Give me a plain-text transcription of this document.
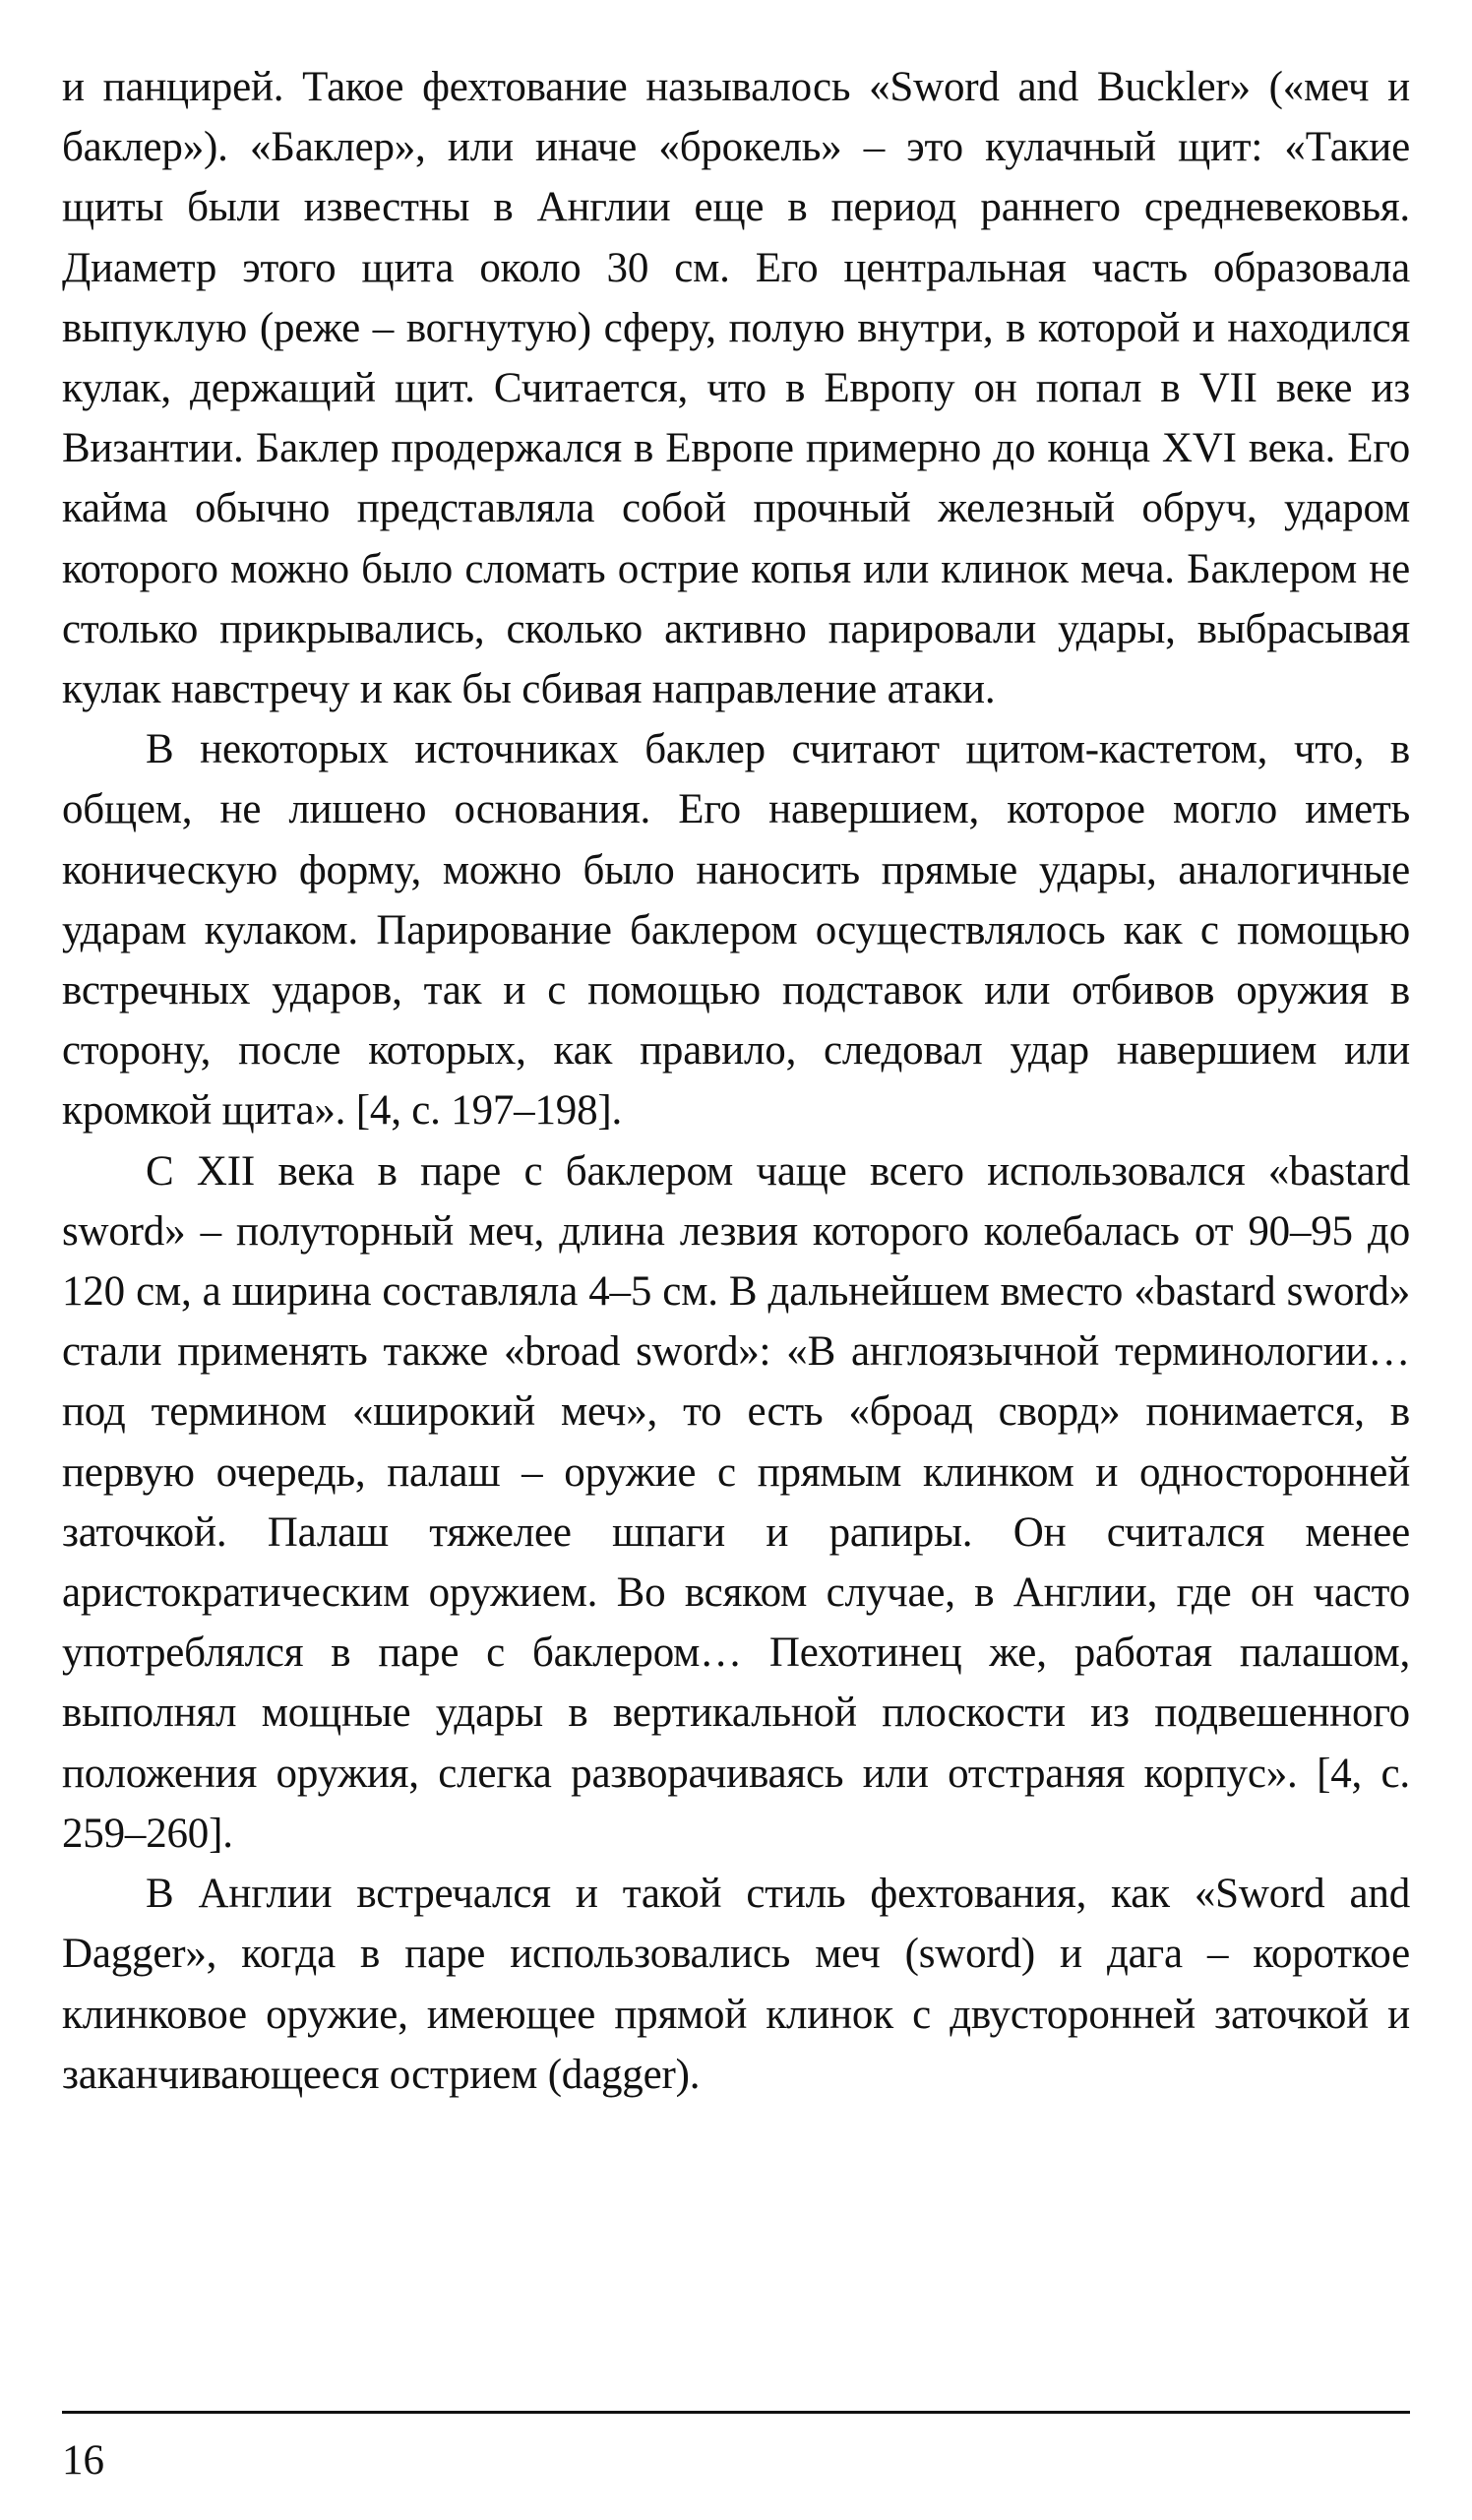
и панцирей. Такое фехтование называлось «Sword and Buckler» («меч и баклер»). «Баклер», или иначе «брокель» – это кулачный щит: «Такие щиты были известны в Англии еще в период раннего средневековья. Диаметр этого щита около 30 см. Его центральная часть образовала выпуклую (реже – вогнутую) сферу, полую внутри, в которой и находился кулак, держащий щит. Считается, что в Европу он попал в VII веке из Византии. Баклер продержался в Европе примерно до конца XVI века. Его кайма обычно представляла собой прочный железный обруч, ударом которого можно было сломать острие копья или клинок меча. Баклером не столько прикрывались, сколько активно парировали удары, выбрасывая кулак навстречу и как бы сбивая направление атаки.

В некоторых источниках баклер считают щитом-кастетом, что, в общем, не лишено основания. Его навершием, которое могло иметь коническую форму, можно было наносить прямые удары, аналогичные ударам кулаком. Парирование баклером осуществлялось как с помощью встречных ударов, так и с помощью подставок или отбивов оружия в сторону, после которых, как правило, следовал удар навершием или кромкой щита». [4, с. 197–198].

С XII века в паре с баклером чаще всего использовался «bastard sword» – полуторный меч, длина лезвия которого колебалась от 90–95 до 120 см, а ширина составляла 4–5 см. В дальнейшем вместо «bastard sword» стали применять также «broad sword»: «В англоязычной терминологии… под термином «широкий меч», то есть «броад сворд» понимается, в первую очередь, палаш – оружие с прямым клинком и односторонней заточкой. Палаш тяжелее шпаги и рапиры. Он считался менее аристократическим оружием. Во всяком случае, в Англии, где он часто употреблялся в паре с баклером… Пехотинец же, работая палашом, выполнял мощные удары в вертикальной плоскости из подвешенного положения оружия, слегка разворачиваясь или отстраняя корпус». [4, с. 259–260].

В Англии встречался и такой стиль фехтования, как «Sword and Dagger», когда в паре использовались меч (sword) и дага – короткое клинковое оружие, имеющее прямой клинок с двусторонней заточкой и заканчивающееся острием (dagger).

16
